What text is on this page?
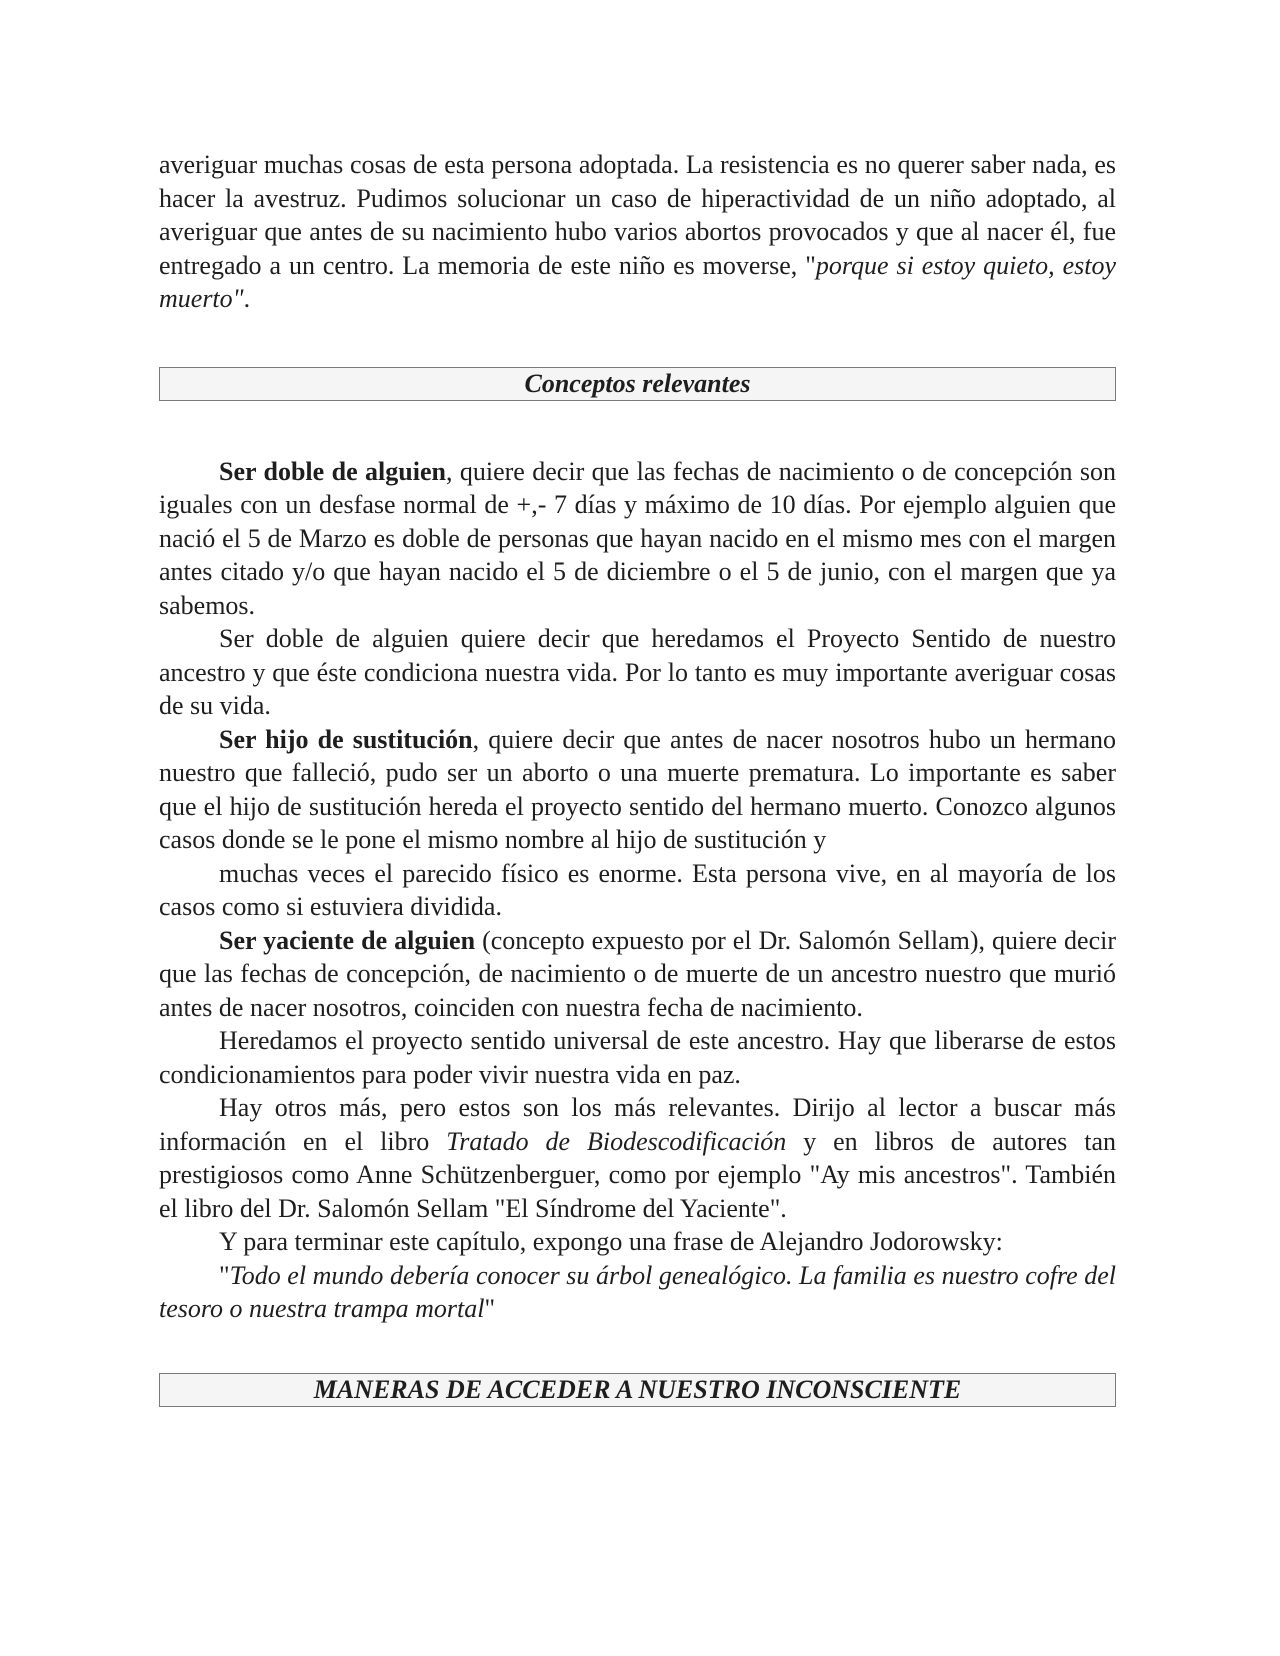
averiguar muchas cosas de esta persona adoptada. La resistencia es no querer saber nada, es hacer la avestruz. Pudimos solucionar un caso de hiperactividad de un niño adoptado, al averiguar que antes de su nacimiento hubo varios abortos provocados y que al nacer él, fue entregado a un centro. La memoria de este niño es moverse, "porque si estoy quieto, estoy muerto".

Conceptos relevantes

Ser doble de alguien, quiere decir que las fechas de nacimiento o de concepción son iguales con un desfase normal de +,- 7 días y máximo de 10 días. Por ejemplo alguien que nació el 5 de Marzo es doble de personas que hayan nacido en el mismo mes con el margen antes citado y/o que hayan nacido el 5 de diciembre o el 5 de junio, con el margen que ya sabemos.

Ser doble de alguien quiere decir que heredamos el Proyecto Sentido de nuestro ancestro y que éste condiciona nuestra vida. Por lo tanto es muy importante averiguar cosas de su vida.

Ser hijo de sustitución, quiere decir que antes de nacer nosotros hubo un hermano nuestro que falleció, pudo ser un aborto o una muerte prematura. Lo importante es saber que el hijo de sustitución hereda el proyecto sentido del hermano muerto. Conozco algunos casos donde se le pone el mismo nombre al hijo de sustitución y

muchas veces el parecido físico es enorme. Esta persona vive, en al mayoría de los casos como si estuviera dividida.

Ser yaciente de alguien (concepto expuesto por el Dr. Salomón Sellam), quiere decir que las fechas de concepción, de nacimiento o de muerte de un ancestro nuestro que murió antes de nacer nosotros, coinciden con nuestra fecha de nacimiento.

Heredamos el proyecto sentido universal de este ancestro. Hay que liberarse de estos condicionamientos para poder vivir nuestra vida en paz.

Hay otros más, pero estos son los más relevantes. Dirijo al lector a buscar más información en el libro Tratado de Biodescodificación y en libros de autores tan prestigiosos como Anne Schützenberguer, como por ejemplo "Ay mis ancestros". También el libro del Dr. Salomón Sellam "El Síndrome del Yaciente".

Y para terminar este capítulo, expongo una frase de Alejandro Jodorowsky:

"Todo el mundo debería conocer su árbol genealógico. La familia es nuestro cofre del tesoro o nuestra trampa mortal"

MANERAS DE ACCEDER A NUESTRO INCONSCIENTE
